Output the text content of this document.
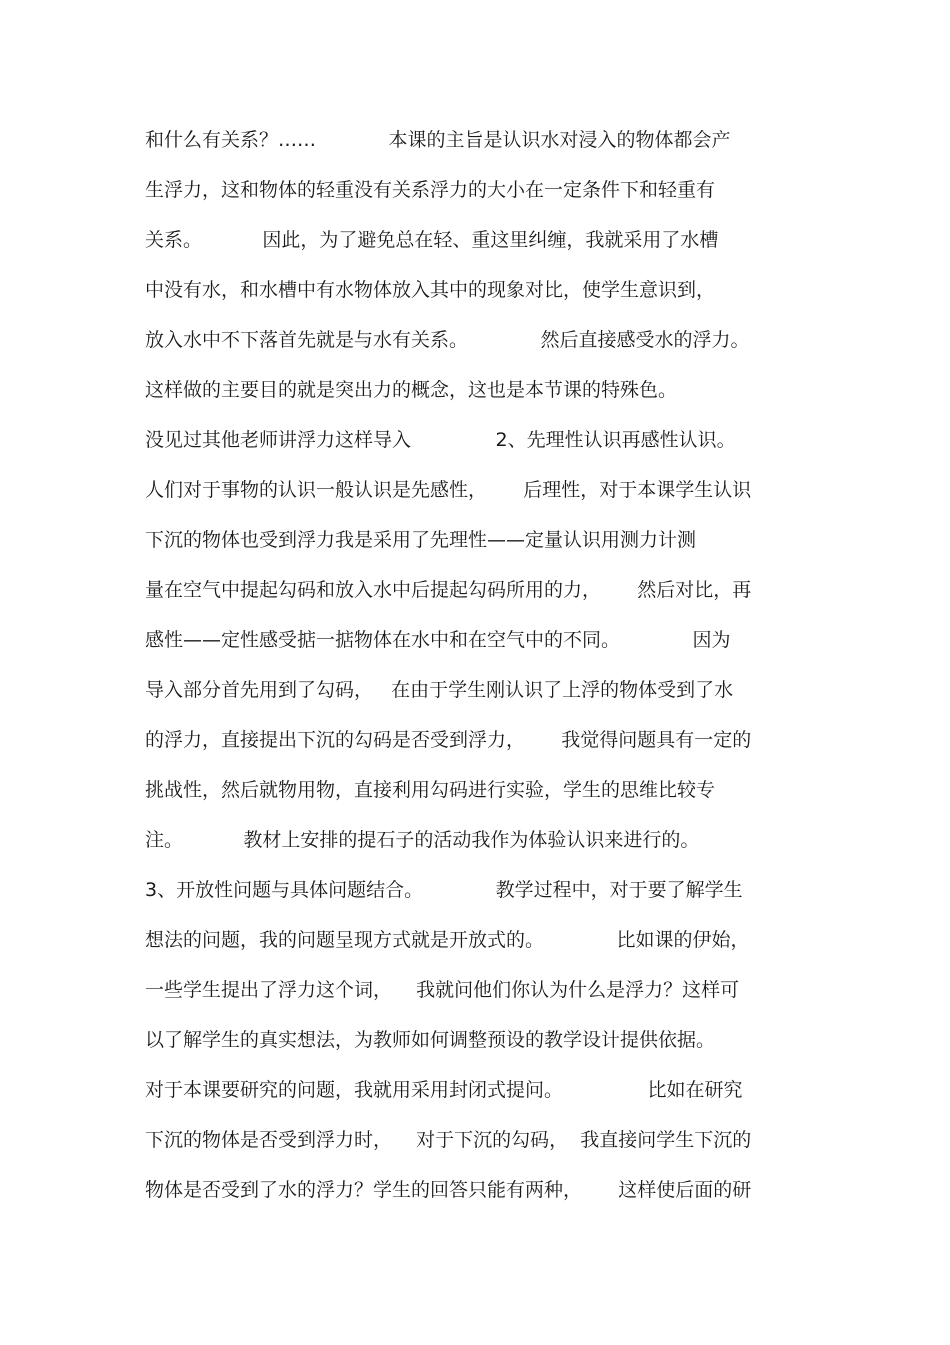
和什么有关系？……            本课的主旨是认识水对浸入的物体都会产
生浮力，这和物体的轻重没有关系浮力的大小在一定条件下和轻重有
关系。          因此，为了避免总在轻、重这里纠缠，我就采用了水槽
中没有水，和水槽中有水物体放入其中的现象对比，使学生意识到，
放入水中不下落首先就是与水有关系。            然后直接感受水的浮力。
这样做的主要目的就是突出力的概念，这也是本节课的特殊色。
没见过其他老师讲浮力这样导入              2、先理性认识再感性认识。
人们对于事物的认识一般认识是先感性，      后理性，对于本课学生认识
下沉的物体也受到浮力我是采用了先理性——定量认识用测力计测
量在空气中提起勾码和放入水中后提起勾码所用的力，      然后对比，再
感性——定性感受掂一掂物体在水中和在空气中的不同。            因为
导入部分首先用到了勾码，   在由于学生刚认识了上浮的物体受到了水
的浮力，直接提出下沉的勾码是否受到浮力，      我觉得问题具有一定的
挑战性，然后就物用物，直接利用勾码进行实验，学生的思维比较专
注。          教材上安排的提石子的活动我作为体验认识来进行的。
3、开放性问题与具体问题结合。            教学过程中，对于要了解学生
想法的问题，我的问题呈现方式就是开放式的。            比如课的伊始，
一些学生提出了浮力这个词，    我就问他们你认为什么是浮力？这样可
以了解学生的真实想法，为教师如何调整预设的教学设计提供依据。
对于本课要研究的问题，我就用采用封闭式提问。              比如在研究
下沉的物体是否受到浮力时，    对于下沉的勾码，  我直接问学生下沉的
物体是否受到了水的浮力？学生的回答只能有两种，      这样使后面的研
